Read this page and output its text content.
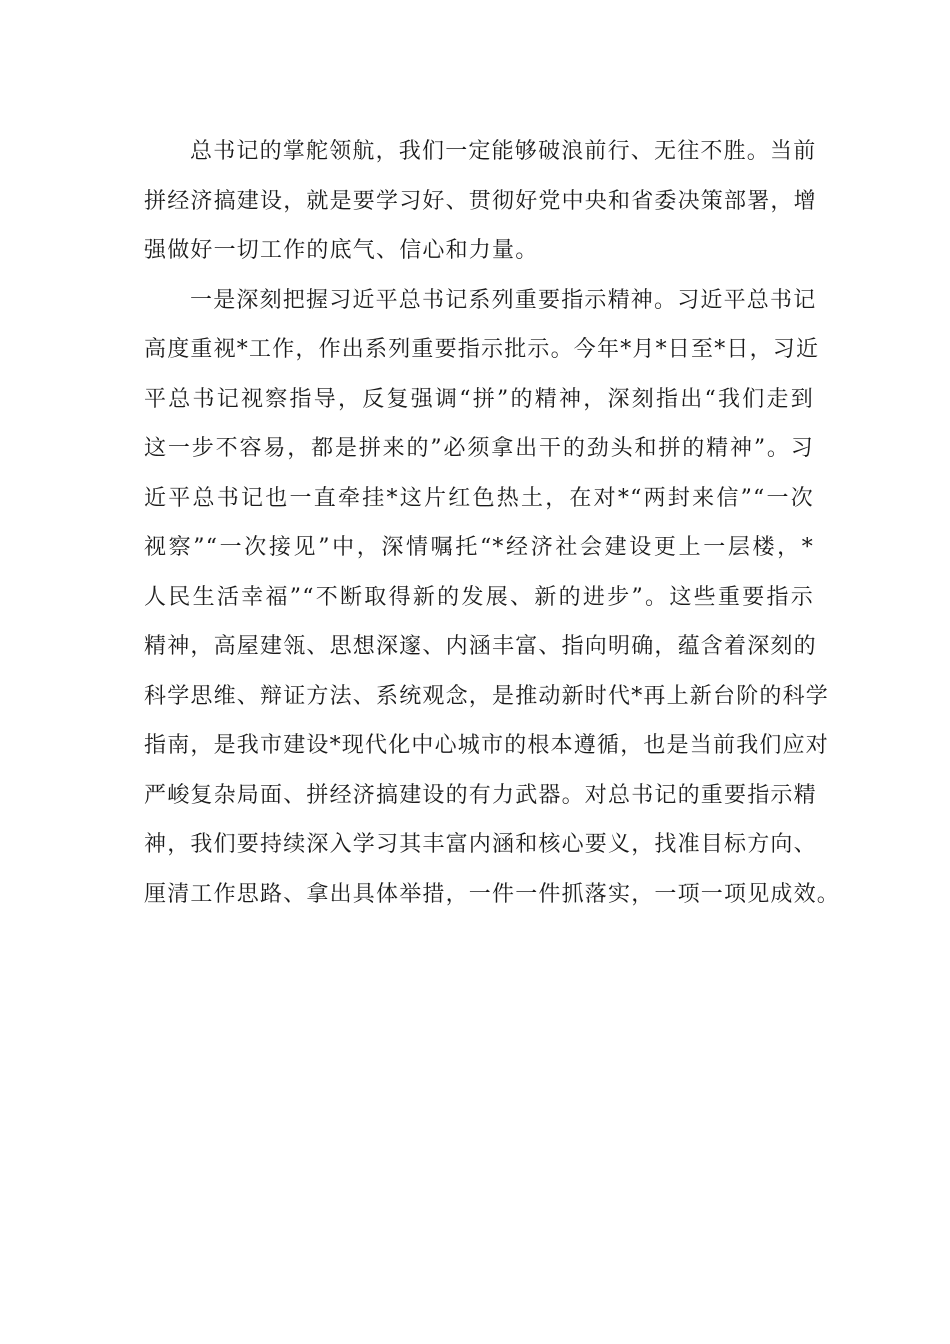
总书记的掌舵领航，我们一定能够破浪前行、无往不胜。当前
拼经济搞建设，就是要学习好、贯彻好党中央和省委决策部署，增
强做好一切工作的底气、信心和力量。
一是深刻把握习近平总书记系列重要指示精神。习近平总书记
高度重视*工作，作出系列重要指示批示。今年*月*日至*日，习近
平总书记视察指导，反复强调“拼”的精神，深刻指出“我们走到
这一步不容易，都是拼来的”必须拿出干的劲头和拼的精神”。习
近平总书记也一直牵挂*这片红色热土，在对*“两封来信”“一次
视察”“一次接见”中，深情嘱托“*经济社会建设更上一层楼，*
人民生活幸福”“不断取得新的发展、新的进步”。这些重要指示
精神，高屋建瓴、思想深邃、内涵丰富、指向明确，蕴含着深刻的
科学思维、辩证方法、系统观念，是推动新时代*再上新台阶的科学
指南，是我市建设*现代化中心城市的根本遵循，也是当前我们应对
严峻复杂局面、拼经济搞建设的有力武器。对总书记的重要指示精
神，我们要持续深入学习其丰富内涵和核心要义，找准目标方向、
厘清工作思路、拿出具体举措，一件一件抓落实，一项一项见成效。
